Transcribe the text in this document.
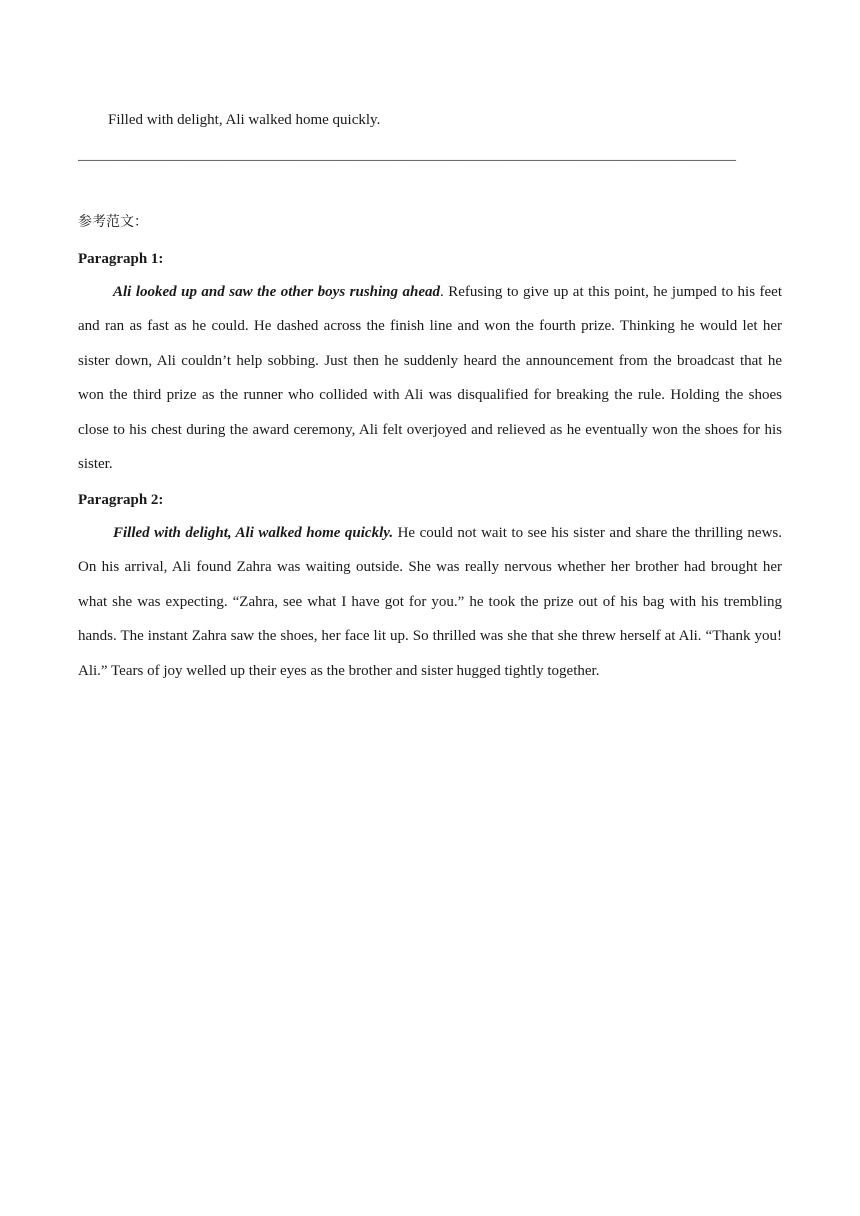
Filled with delight, Ali walked home quickly.
______________________________________________________________________________________________
参考范文：
Paragraph 1:

Ali looked up and saw the other boys rushing ahead. Refusing to give up at this point, he jumped to his feet and ran as fast as he could. He dashed across the finish line and won the fourth prize. Thinking he would let her sister down, Ali couldn’t help sobbing. Just then he suddenly heard the announcement from the broadcast that he won the third prize as the runner who collided with Ali was disqualified for breaking the rule. Holding the shoes close to his chest during the award ceremony, Ali felt overjoyed and relieved as he eventually won the shoes for his sister.

Paragraph 2:

Filled with delight, Ali walked home quickly. He could not wait to see his sister and share the thrilling news. On his arrival, Ali found Zahra was waiting outside. She was really nervous whether her brother had brought her what she was expecting. “Zahra, see what I have got for you.” he took the prize out of his bag with his trembling hands. The instant Zahra saw the shoes, her face lit up. So thrilled was she that she threw herself at Ali. “Thank you! Ali.” Tears of joy welled up their eyes as the brother and sister hugged tightly together.
